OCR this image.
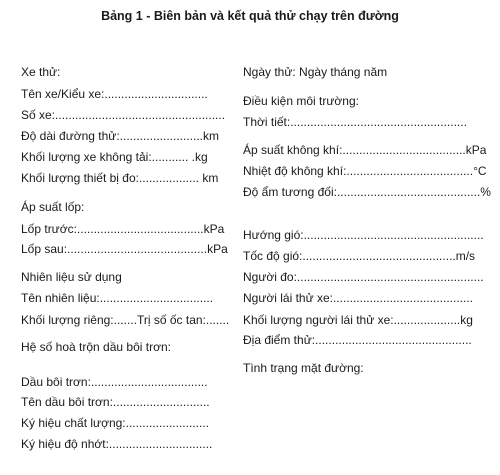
Bảng 1 - Biên bản và kết quả thử chạy trên đường
Xe thử:
Tên xe/Kiểu xe:...............................
Số xe:...................................................
Độ dài đường thử:.........................km
Khối lượng xe không tải:........... .kg
Khối lượng thiết bị đo:.................. km
Áp suất lốp:
Lốp trước:......................................kPa
Lốp sau:..........................................kPa
Nhiên liệu sử dụng
Tên nhiên liệu:..................................
Khối lượng riêng:.......Trị số ốc tan:.......
Hệ số hoà trộn dầu bôi trơn:
Dầu bôi trơn:...................................
Tên dầu bôi trơn:.............................
Ký hiệu chất lượng:.........................
Ký hiệu độ nhớt:...............................
Ngày thử: Ngày tháng năm
Điều kiện môi trường:
Thời tiết:.....................................................
Áp suất không khí:.....................................kPa
Nhiệt độ không khí:......................................°C
Độ ẩm tương đối:...........................................%
Hướng gió:......................................................
Tốc độ gió:..............................................m/s
Người đo:........................................................
Người lái thử xe:..........................................
Khối lượng người lái thử xe:....................kg
Địa điểm thử:...............................................
Tình trạng mặt đường:
